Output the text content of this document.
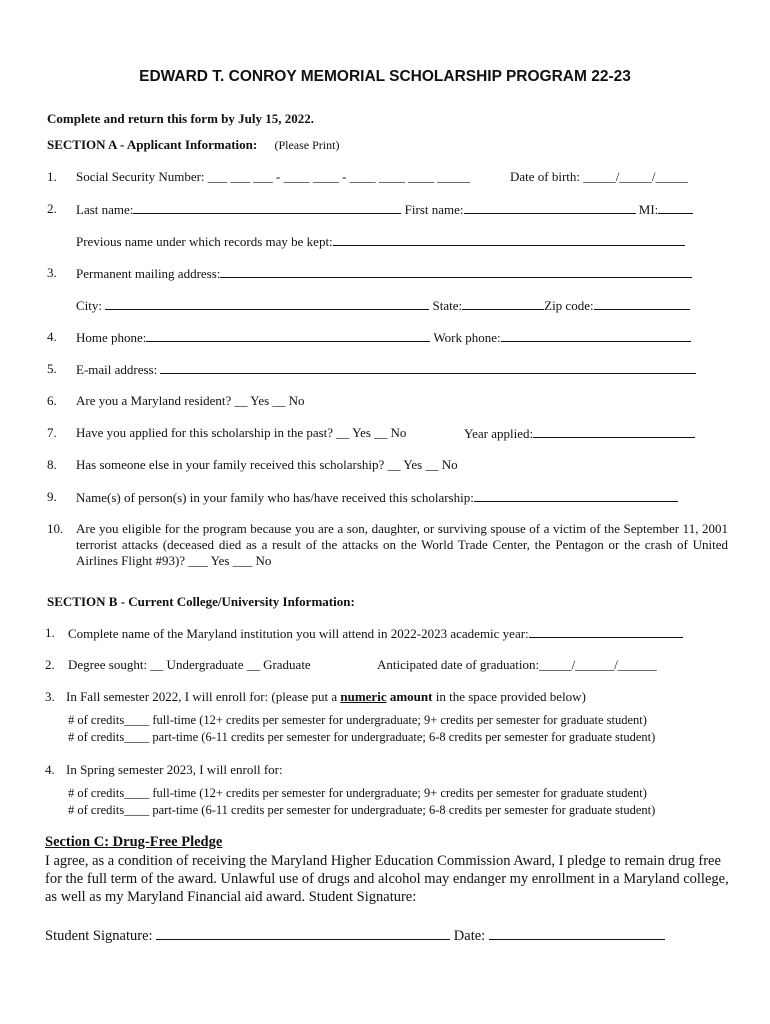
EDWARD T. CONROY MEMORIAL SCHOLARSHIP PROGRAM 22-23
Complete and return this form by July 15, 2022.
SECTION A - Applicant Information: (Please Print)
1. Social Security Number: ___ ___ ___ - ____ ____ - ____ ____ ____ _____	Date of birth: _____/_____/_____
2. Last name:	First name:	MI:
Previous name under which records may be kept:
3. Permanent mailing address:
City:	State:	Zip code:
4. Home phone:	Work phone:
5. E-mail address:
6. Are you a Maryland resident? __ Yes __ No
7. Have you applied for this scholarship in the past? __ Yes __ No	Year applied:
8. Has someone else in your family received this scholarship? __ Yes __ No
9. Name(s) of person(s) in your family who has/have received this scholarship:
10. Are you eligible for the program because you are a son, daughter, or surviving spouse of a victim of the September 11, 2001 terrorist attacks (deceased died as a result of the attacks on the World Trade Center, the Pentagon or the crash of United Airlines Flight #93)? ___ Yes ___ No
SECTION B - Current College/University Information:
1. Complete name of the Maryland institution you will attend in 2022-2023 academic year:
2. Degree sought: __ Undergraduate __ Graduate	Anticipated date of graduation:_____/______/______
3. In Fall semester 2022, I will enroll for: (please put a numeric amount in the space provided below)
# of credits____ full-time (12+ credits per semester for undergraduate; 9+ credits per semester for graduate student)
# of credits____ part-time (6-11 credits per semester for undergraduate; 6-8 credits per semester for graduate student)
4. In Spring semester 2023, I will enroll for:
# of credits____ full-time (12+ credits per semester for undergraduate; 9+ credits per semester for graduate student)
# of credits____ part-time (6-11 credits per semester for undergraduate; 6-8 credits per semester for graduate student)
Section C: Drug-Free Pledge
I agree, as a condition of receiving the Maryland Higher Education Commission Award, I pledge to remain drug free for the full term of the award. Unlawful use of drugs and alcohol may endanger my enrollment in a Maryland college, as well as my Maryland Financial aid award. Student Signature:
Student Signature:	Date:
